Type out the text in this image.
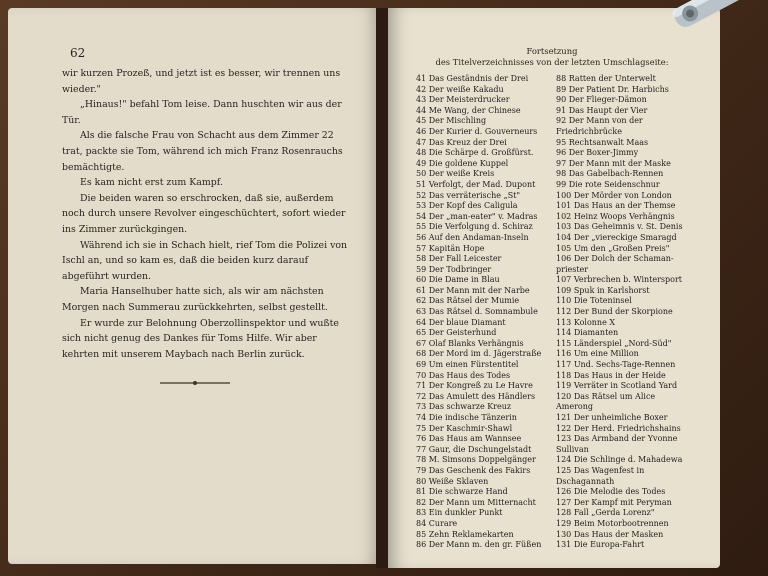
62

wir kurzen Prozeß, und jetzt ist es besser, wir trennen uns wieder."

„Hinaus!" befahl Tom leise. Dann huschten wir aus der Tür.

Als die falsche Frau von Schacht aus dem Zimmer 22 trat, packte sie Tom, während ich mich Franz Rosenrauchs bemächtigte.

Es kam nicht erst zum Kampf.

Die beiden waren so erschrocken, daß sie, außerdem noch durch unsere Revolver eingeschüchtert, sofort wieder ins Zimmer zurückgingen.

Während ich sie in Schach hielt, rief Tom die Polizei von Ischl an, und so kam es, daß die beiden kurz darauf abgeführt wurden.

Maria Hanselhuber hatte sich, als wir am nächsten Morgen nach Summerau zurückkehrten, selbst gestellt.

Er wurde zur Belohnung Oberzollinspektor und wußte sich nicht genug des Dankes für Toms Hilfe. Wir aber kehrten mit unserem Maybach nach Berlin zurück.

Fortsetzung
des Titelverzeichnisses von der letzten Umschlagseite:
41 Das Geständnis der Drei
42 Der weiße Kakadu
43 Der Meisterdrucker
44 Me Wang, der Chinese
45 Der Mischling
46 Der Kurier d. Gouverneurs
47 Das Kreuz der Drei
48 Die Schärpe d. Großfürst.
49 Die goldene Kuppel
50 Der weiße Kreis
51 Verfolgt, der Mad. Dupont
52 Das verräterische „St"
53 Der Kopf des Caligula
54 Der „man-eater" v. Madras
55 Die Verfolgung d. Schiraz
56 Auf den Andaman-Inseln
57 Kapitän Hope
58 Der Fall Leicester
59 Der Todbringer
60 Die Dame in Blau
61 Der Mann mit der Narbe
62 Das Rätsel der Mumie
63 Das Rätsel d. Somnambule
64 Der blaue Diamant
65 Der Geisterhund
67 Olaf Blanks Verhängnis
68 Der Mord im d. Jägerstraße
69 Um einen Fürstentitel
70 Das Haus des Todes
71 Der Kongreß zu Le Havre
72 Das Amulett des Händlers
73 Das schwarze Kreuz
74 Die indische Tänzerin
75 Der Kaschmir-Shawl
76 Das Haus am Wannsee
77 Gaur, die Dschungelstadt
78 M. Simsons Doppelgänger
79 Das Geschenk des Fakirs
80 Weiße Sklaven
81 Die schwarze Hand
82 Der Mann um Mitternacht
83 Ein dunkler Punkt
84 Curare
85 Zehn Reklamekarten
86 Der Mann m. den gr. Füßen
88 Ratten der Unterwelt
89 Der Patient Dr. Harbichs
90 Der Flieger-Dämon
91 Das Haupt der Vier
92 Der Mann von der
Friedrichbrücke
95 Rechtsanwalt Maas
96 Der Boxer-Jimmy
97 Der Mann mit der Maske
98 Das Gabelbach-Rennen
99 Die rote Seidenschnur
100 Der Mörder von London
101 Das Haus an der Themse
102 Heinz Woops Verhängnis
103 Das Geheimnis v. St. Denis
104 Der „viereckige Smaragd
105 Um den „Großen Preis"
106 Der Dolch der Schaman-
priester
107 Verbrechen b. Wintersport
109 Spuk in Karlshorst
110 Die Toteninsel
112 Der Bund der Skorpione
113 Kolonne X
114 Diamanten
115 Länderspiel „Nord-Süd"
116 Um eine Million
117 Und. Sechs-Tage-Rennen
118 Das Haus in der Heide
119 Verräter in Scotland Yard
120 Das Rätsel um Alice
Amerong
121 Der unheimliche Boxer
122 Der Herd. Friedrichshains
123 Das Armband der Yvonne
Sullivan
124 Die Schlinge d. Mahadewa
125 Das Wagenfest in
Dschagannath
126 Die Melodie des Todes
127 Der Kampf mit Peryman
128 Fall „Gerda Lorenz"
129 Beim Motorbootrennen
130 Das Haus der Masken
131 Die Europa-Fahrt
